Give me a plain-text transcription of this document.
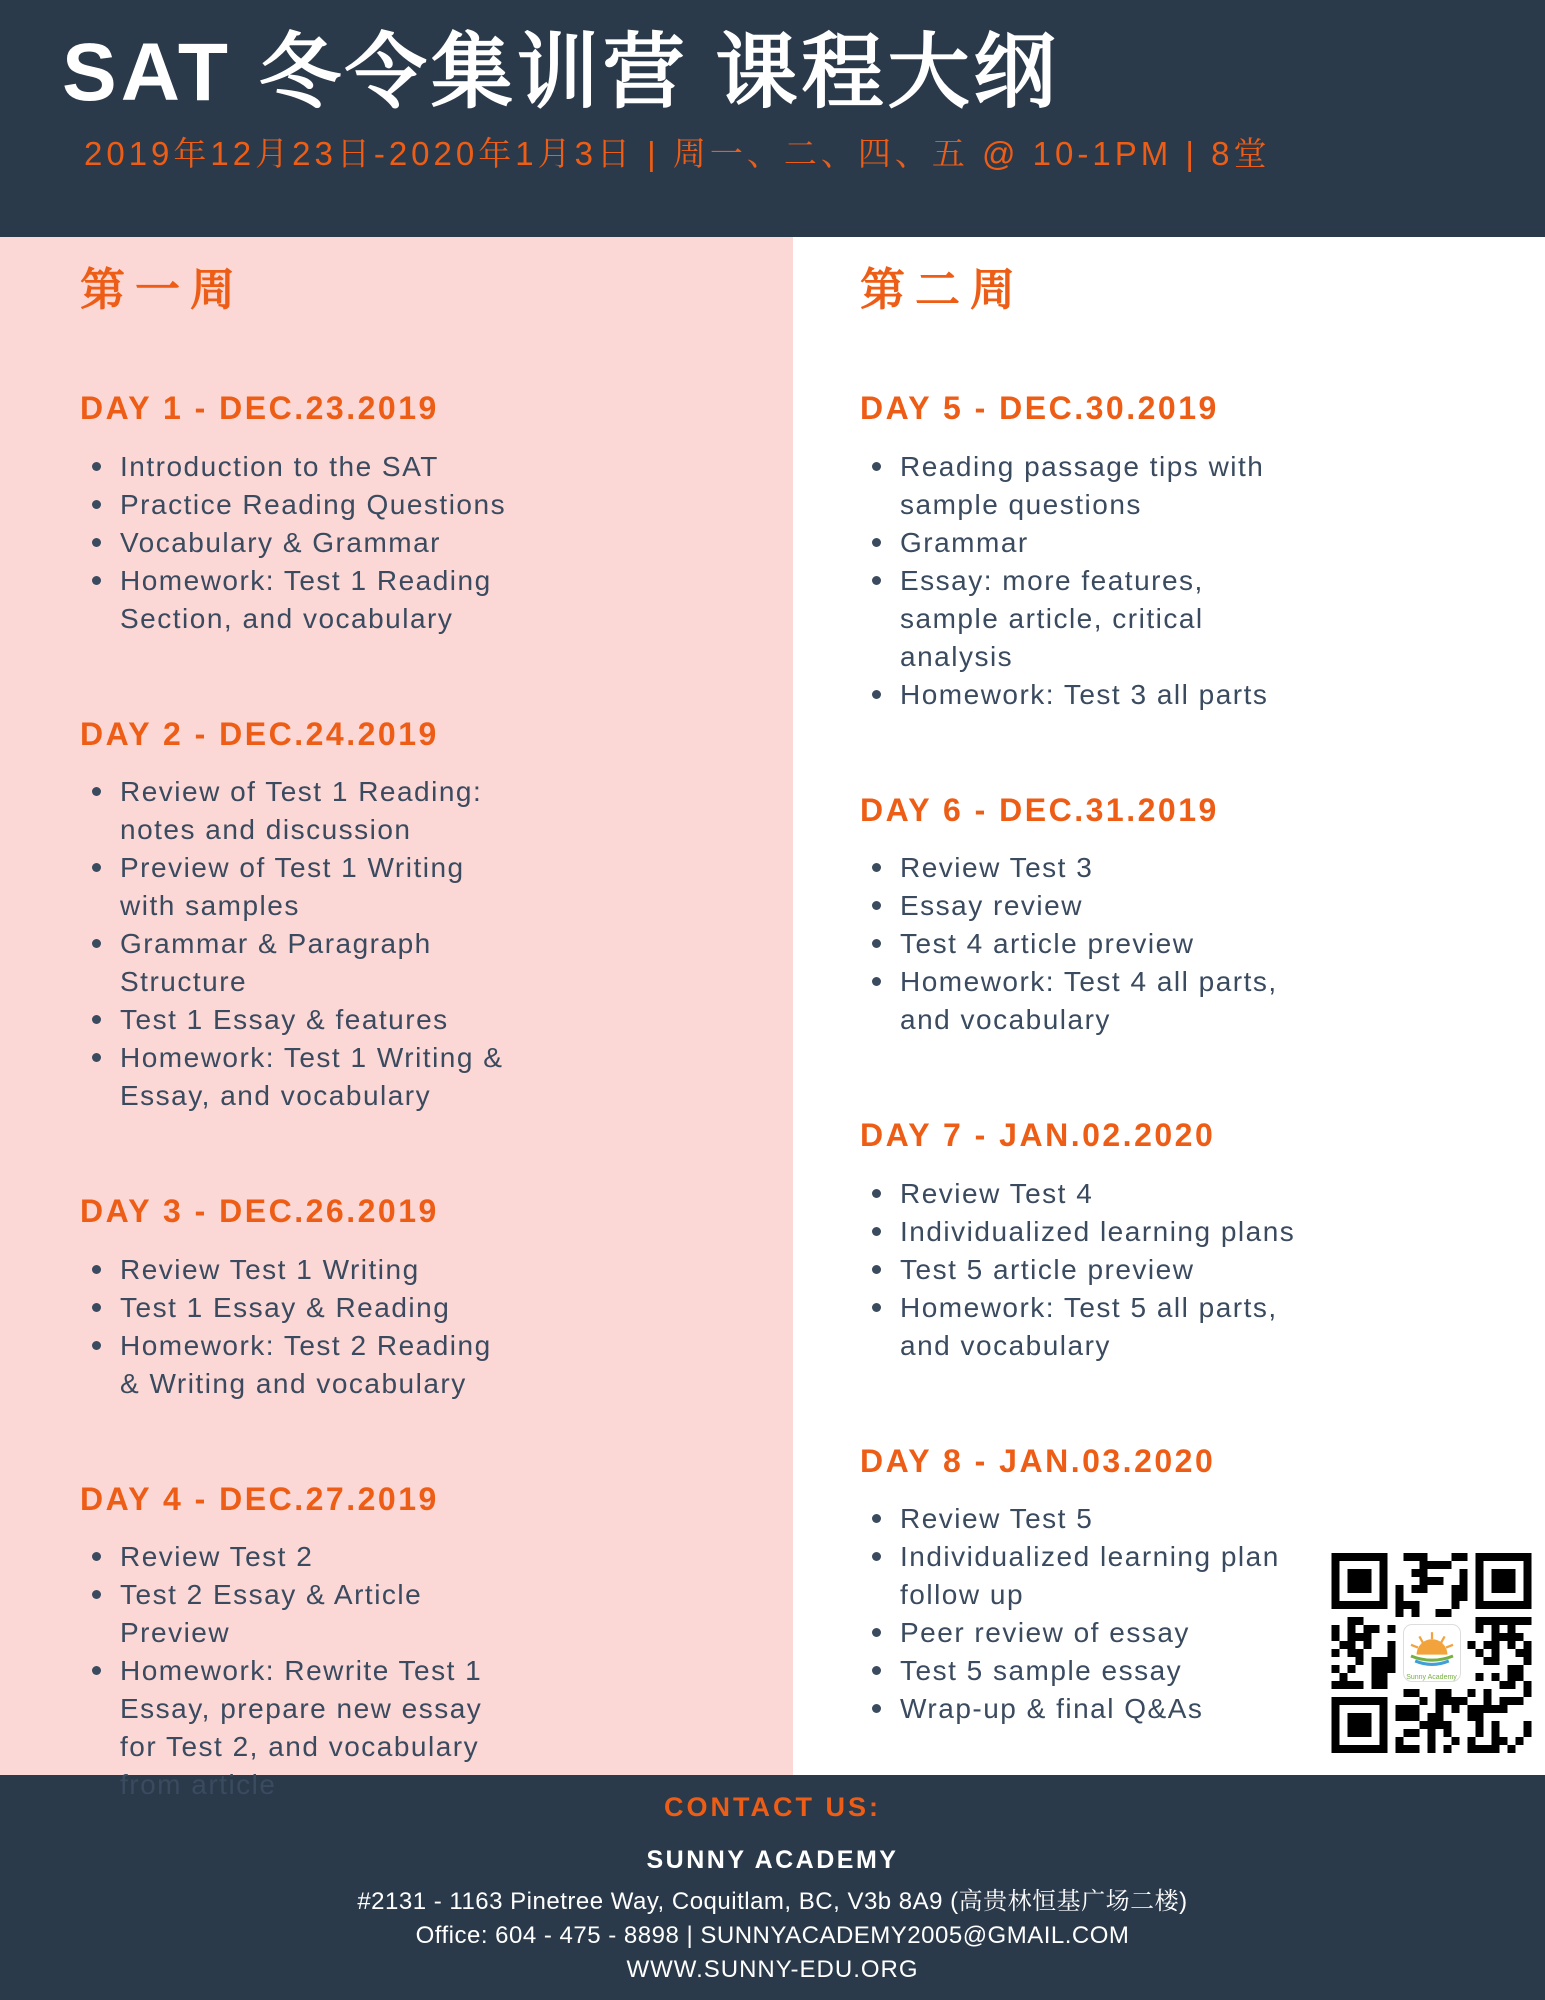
SAT 冬令集训营 课程大纲
2019年12月23日-2020年1月3日 | 周一、二、四、五 @ 10-1PM | 8堂
第一周
DAY 1 - DEC.23.2019
Introduction to the SAT
Practice Reading Questions
Vocabulary & Grammar
Homework: Test 1 Reading Section, and vocabulary
DAY 2 - DEC.24.2019
Review of Test 1 Reading: notes and discussion
Preview of Test 1 Writing with samples
Grammar & Paragraph Structure
Test 1 Essay & features
Homework: Test 1 Writing & Essay, and vocabulary
DAY 3 - DEC.26.2019
Review Test 1 Writing
Test 1 Essay & Reading
Homework: Test 2 Reading & Writing and vocabulary
DAY 4 - DEC.27.2019
Review Test 2
Test 2 Essay & Article Preview
Homework: Rewrite Test 1 Essay, prepare new essay for Test 2, and vocabulary from article
第二周
DAY 5 - DEC.30.2019
Reading passage tips with sample questions
Grammar
Essay: more features, sample article, critical analysis
Homework: Test 3 all parts
DAY 6 - DEC.31.2019
Review Test 3
Essay review
Test 4 article preview
Homework: Test 4 all parts, and vocabulary
DAY 7 - JAN.02.2020
Review Test 4
Individualized learning plans
Test 5 article preview
Homework: Test 5 all parts, and vocabulary
DAY 8 - JAN.03.2020
Review Test 5
Individualized learning plan follow up
Peer review of essay
Test 5 sample essay
Wrap-up & final Q&As
Sunny Academy
CONTACT US:
SUNNY ACADEMY
#2131 - 1163 Pinetree Way, Coquitlam, BC, V3b 8A9 (高贵林恒基广场二楼)
Office: 604 - 475 - 8898 | SUNNYACADEMY2005@GMAIL.COM
WWW.SUNNY-EDU.ORG
